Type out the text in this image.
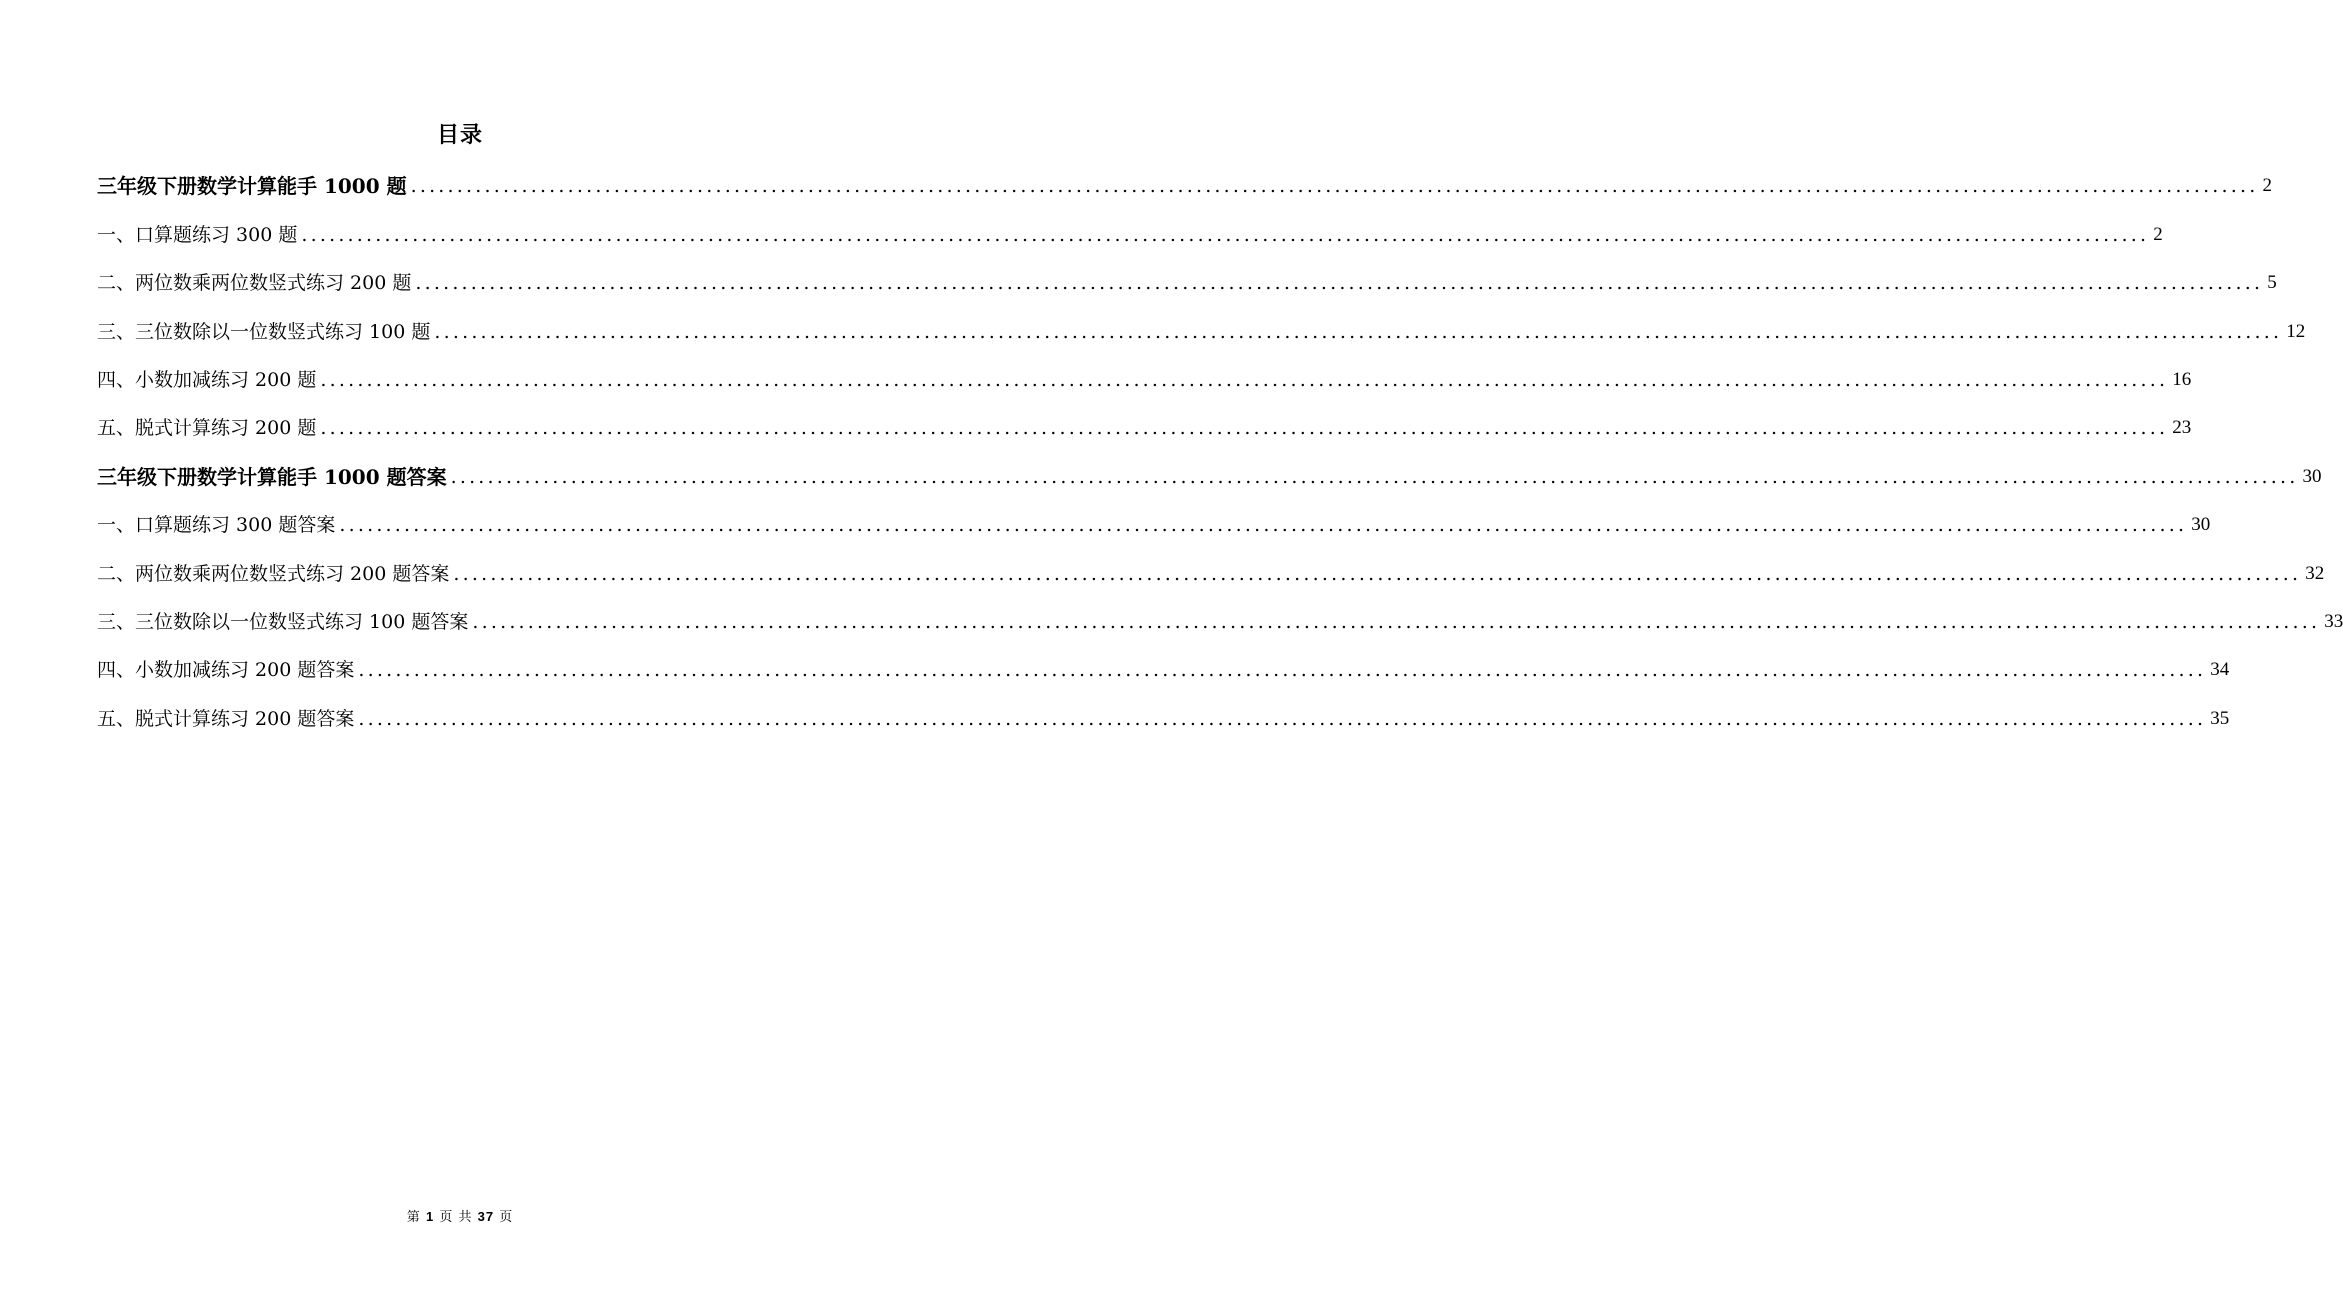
目录
三年级下册数学计算能手 1000 题 ........................................................................................................................................................................................................ 2
一、口算题练习 300 题 ........................................................................................................................................................................................................ 2
二、两位数乘两位数竖式练习 200 题 ........................................................................................................................................................................................................ 5
三、三位数除以一位数竖式练习 100 题 ........................................................................................................................................................................................................ 12
四、小数加减练习 200 题 ........................................................................................................................................................................................................ 16
五、脱式计算练习 200 题 ........................................................................................................................................................................................................ 23
三年级下册数学计算能手 1000 题答案 ........................................................................................................................................................................................................ 30
一、口算题练习 300 题答案 ........................................................................................................................................................................................................ 30
二、两位数乘两位数竖式练习 200 题答案 ........................................................................................................................................................................................................ 32
三、三位数除以一位数竖式练习 100 题答案 ........................................................................................................................................................................................................ 33
四、小数加减练习 200 题答案 ........................................................................................................................................................................................................ 34
五、脱式计算练习 200 题答案 ........................................................................................................................................................................................................ 35
第 1 页 共 37 页
